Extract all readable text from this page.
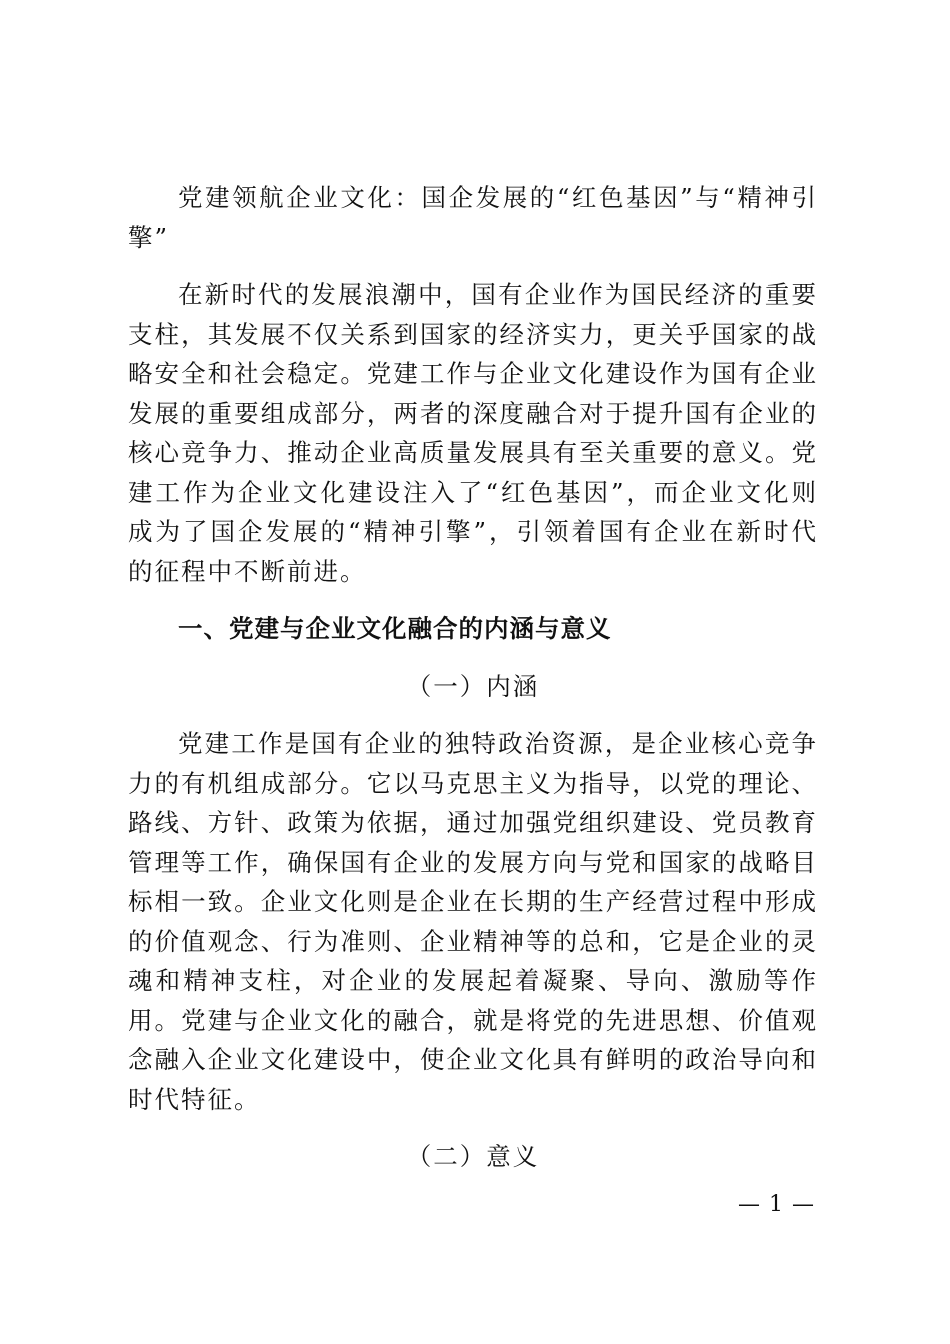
党建领航企业文化：国企发展的“红色基因”与“精神引擎”

在新时代的发展浪潮中，国有企业作为国民经济的重要支柱，其发展不仅关系到国家的经济实力，更关乎国家的战略安全和社会稳定。党建工作与企业文化建设作为国有企业发展的重要组成部分，两者的深度融合对于提升国有企业的核心竞争力、推动企业高质量发展具有至关重要的意义。党建工作为企业文化建设注入了“红色基因”，而企业文化则成为了国企发展的“精神引擎”，引领着国有企业在新时代的征程中不断前进。

一、党建与企业文化融合的内涵与意义

（一）内涵

党建工作是国有企业的独特政治资源，是企业核心竞争力的有机组成部分。它以马克思主义为指导，以党的理论、路线、方针、政策为依据，通过加强党组织建设、党员教育管理等工作，确保国有企业的发展方向与党和国家的战略目标相一致。企业文化则是企业在长期的生产经营过程中形成的价值观念、行为准则、企业精神等的总和，它是企业的灵魂和精神支柱，对企业的发展起着凝聚、导向、激励等作用。党建与企业文化的融合，就是将党的先进思想、价值观念融入企业文化建设中，使企业文化具有鲜明的政治导向和时代特征。

（二）意义

— 1 —
